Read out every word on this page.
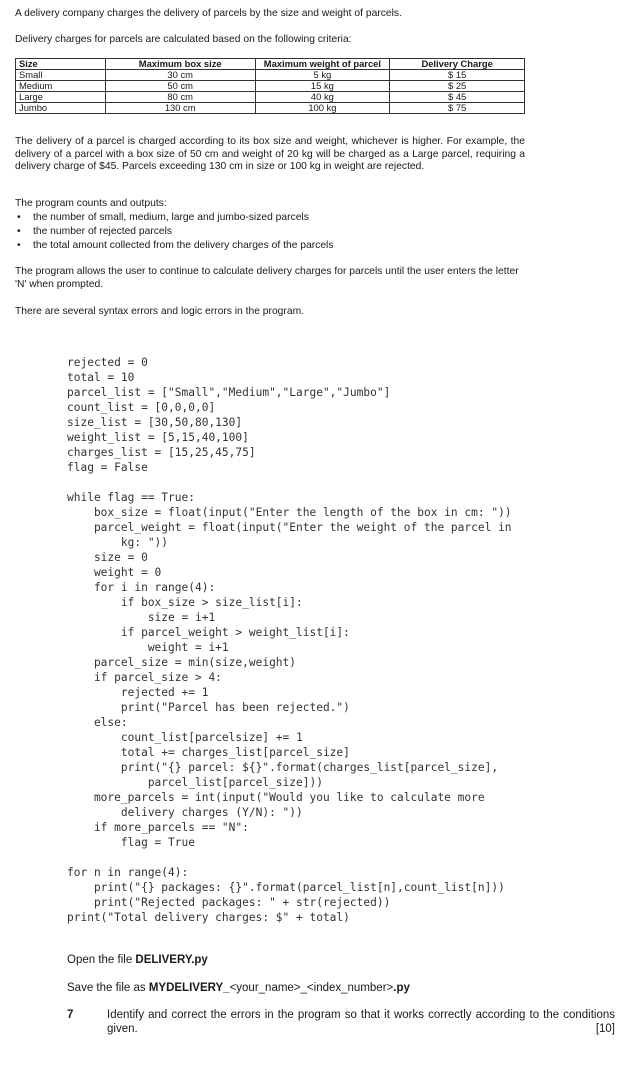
A delivery company charges the delivery of parcels by the size and weight of parcels.

Delivery charges for parcels are calculated based on the following criteria:

Size	Maximum box size	Maximum weight of parcel	Delivery Charge
Small	30 cm	5 kg	$ 15
Medium	50 cm	15 kg	$ 25
Large	80 cm	40 kg	$ 45
Jumbo	130 cm	100 kg	$ 75

The delivery of a parcel is charged according to its box size and weight, whichever is higher. For example, the delivery of a parcel with a box size of 50 cm and weight of 20 kg will be charged as a Large parcel, requiring a delivery charge of $45. Parcels exceeding 130 cm in size or 100 kg in weight are rejected.

The program counts and outputs:

• the number of small, medium, large and jumbo-sized parcels
• the number of rejected parcels
• the total amount collected from the delivery charges of the parcels

The program allows the user to continue to calculate delivery charges for parcels until the user enters the letter 'N' when prompted.

There are several syntax errors and logic errors in the program.

rejected = 0
total = 10
parcel_list = ["Small","Medium","Large","Jumbo"]
count_list = [0,0,0,0]
size_list = [30,50,80,130]
weight_list = [5,15,40,100]
charges_list = [15,25,45,75]
flag = False

while flag == True:
box_size = float(input("Enter the length of the box in cm: "))
parcel_weight = float(input("Enter the weight of the parcel in
kg: "))
size = 0
weight = 0
for i in range(4):
if box_size > size_list[i]:
size = i+1
if parcel_weight > weight_list[i]:
weight = i+1
parcel_size = min(size,weight)
if parcel_size > 4:
rejected += 1
print("Parcel has been rejected.")
else:
count_list[parcelsize] += 1
total += charges_list[parcel_size]
print("{} parcel: ${}".format(charges_list[parcel_size],
parcel_list[parcel_size]))
more_parcels = int(input("Would you like to calculate more
delivery charges (Y/N): "))
if more_parcels == "N":
flag = True

for n in range(4):
print("{} packages: {}".format(parcel_list[n],count_list[n]))
print("Rejected packages: " + str(rejected))
print("Total delivery charges: $" + total)
Open the file DELIVERY.py
Save the file as MYDELIVERY_<your_name>_<index_number>.py
7	Identify and correct the errors in the program so that it works correctly according to the conditions given.	[10]
